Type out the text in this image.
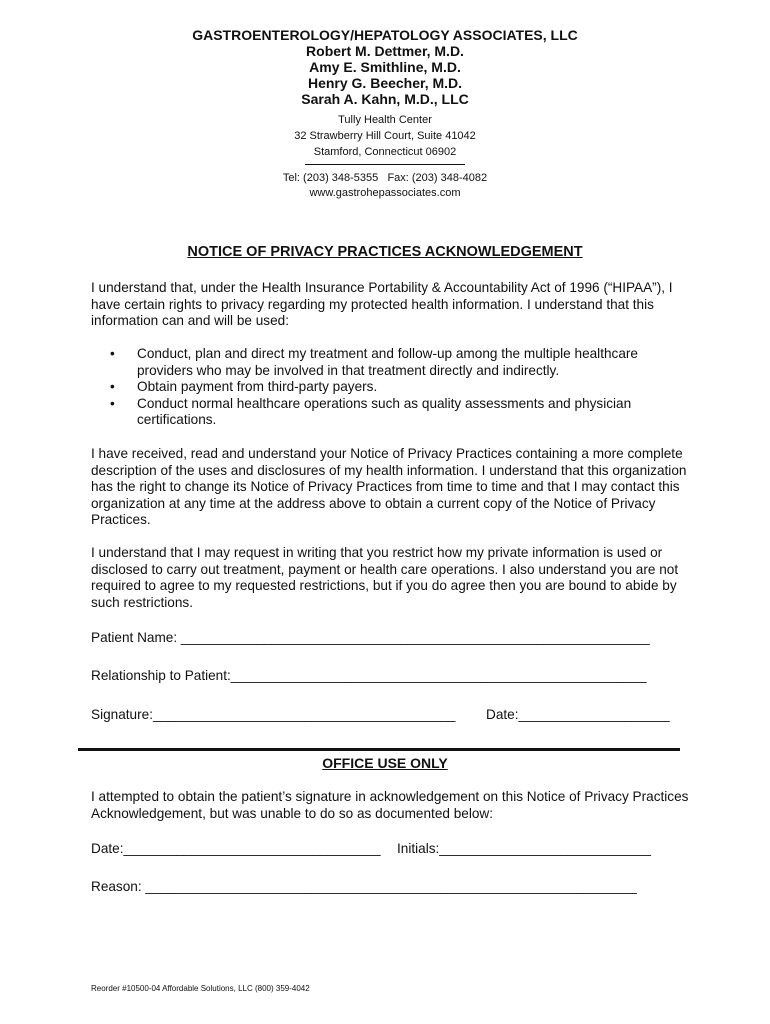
GASTROENTEROLOGY/HEPATOLOGY ASSOCIATES, LLC

Robert M. Dettmer, M.D.

Amy E. Smithline, M.D.

Henry G. Beecher, M.D.

Sarah A. Kahn, M.D., LLC

Tully Health Center
32 Strawberry Hill Court, Suite 41042
Stamford, Connecticut 06902
Tel: (203) 348-5355   Fax: (203) 348-4082
www.gastrohepassociates.com
NOTICE OF PRIVACY PRACTICES ACKNOWLEDGEMENT
I understand that, under the Health Insurance Portability & Accountability Act of 1996 (“HIPAA”), I have certain rights to privacy regarding my protected health information. I understand that this information can and will be used:
• Conduct, plan and direct my treatment and follow-up among the multiple healthcare providers who may be involved in that treatment directly and indirectly.
• Obtain payment from third-party payers.
• Conduct normal healthcare operations such as quality assessments and physician certifications.
I have received, read and understand your Notice of Privacy Practices containing a more complete description of the uses and disclosures of my health information. I understand that this organization has the right to change its Notice of Privacy Practices from time to time and that I may contact this organization at any time at the address above to obtain a current copy of the Notice of Privacy Practices.
I understand that I may request in writing that you restrict how my private information is used or disclosed to carry out treatment, payment or health care operations. I also understand you are not required to agree to my requested restrictions, but if you do agree then you are bound to abide by such restrictions.
Patient Name: ______________________________________________________________
Relationship to Patient:_______________________________________________________
Signature:________________________________________ Date:____________________
OFFICE USE ONLY
I attempted to obtain the patient’s signature in acknowledgement on this Notice of Privacy Practices Acknowledgement, but was unable to do so as documented below:
Date:__________________________________ Initials:____________________________
Reason: _________________________________________________________________
Reorder #10500-04 Affordable Solutions, LLC (800) 359-4042
